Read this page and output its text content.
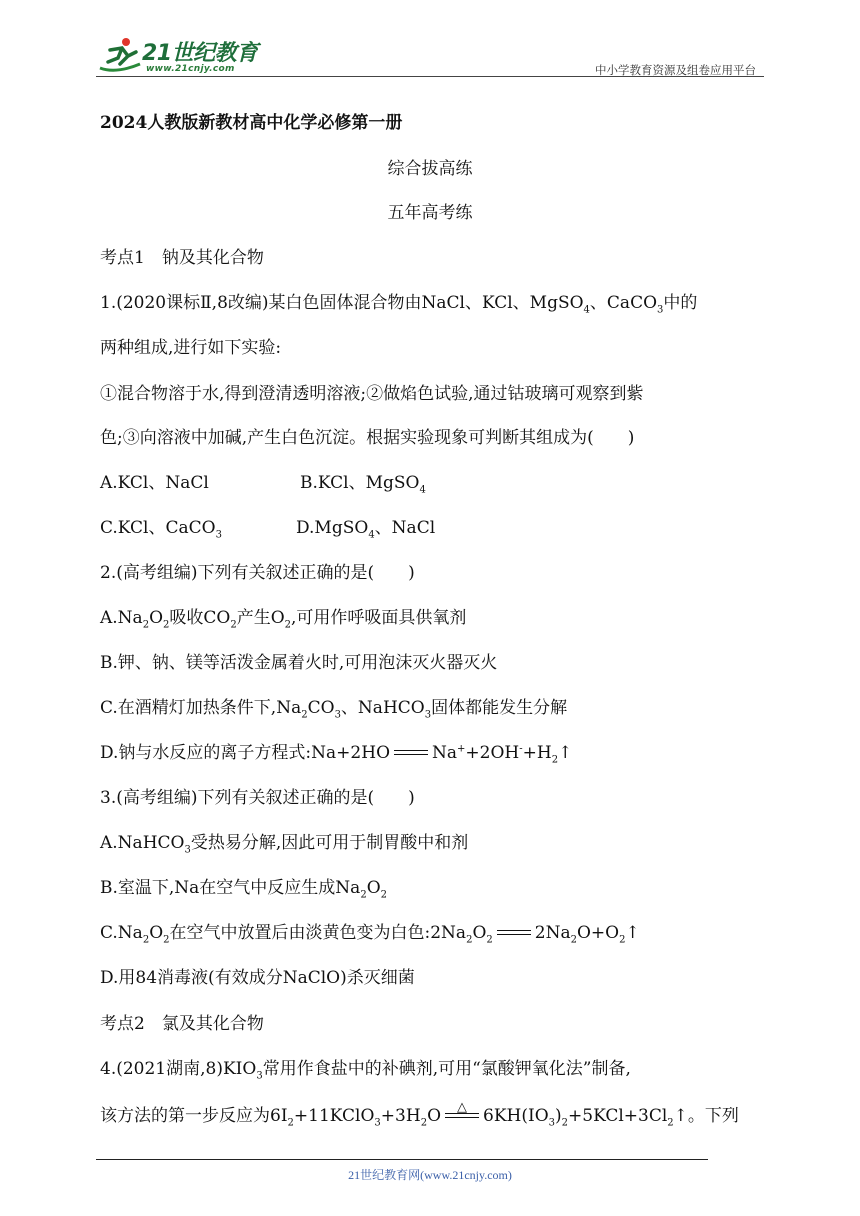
21世纪教育
www.21cnjy.com	中小学教育资源及组卷应用平台
2024人教版新教材高中化学必修第一册
综合拔高练
五年高考练
考点1　钠及其化合物
1.(2020课标Ⅱ,8改编)某白色固体混合物由NaCl、KCl、MgSO$_4$、CaCO$_3$中的
两种组成,进行如下实验:
①混合物溶于水,得到澄清透明溶液;②做焰色试验,通过钴玻璃可观察到紫
色;③向溶液中加碱,产生白色沉淀。根据实验现象可判断其组成为(　　)
A.KCl、NaCl	B.KCl、MgSO$_4$
C.KCl、CaCO$_3$	D.MgSO$_4$、NaCl
2.(高考组编)下列有关叙述正确的是(　　)
$A.Na_2O_2$吸收$CO_2$产生$O_2$,可用作呼吸面具供氧剂
B.钾、钠、镁等活泼金属着火时,可用泡沫灭火器灭火
C.在酒精灯加热条件下$,Na_2CO_3$、NaHCO$_3$固体都能发生分解
D.钠与水反应的离子方程式:Na+2HO $Na^++2OH^-+H_2↑$
3.(高考组编)下列有关叙述正确的是(　　)
A.NaHCO$_3$受热易分解,因此可用于制胃酸中和剂
B.室温下,Na在空气中反应生成$Na_2O_2$
$C.Na_2O_2$在空气中放置后由淡黄色变为白色$:2Na_2O_2$ $2Na_2O+O_2↑$
D.用84消毒液(有效成分NaClO)杀灭细菌
考点2　氯及其化合物
4.(2021湖南$,8)KIO_3$常用作食盐中的补碘剂,可用“氯酸钾氧化法”制备,
该方法的第一步反应为$6I_2+11KClO_3+3H_2O$	△ $6KH(IO_3)_2+5KCl+3Cl_2↑$。下列
21世纪教育网(www.21cnjy.com)
